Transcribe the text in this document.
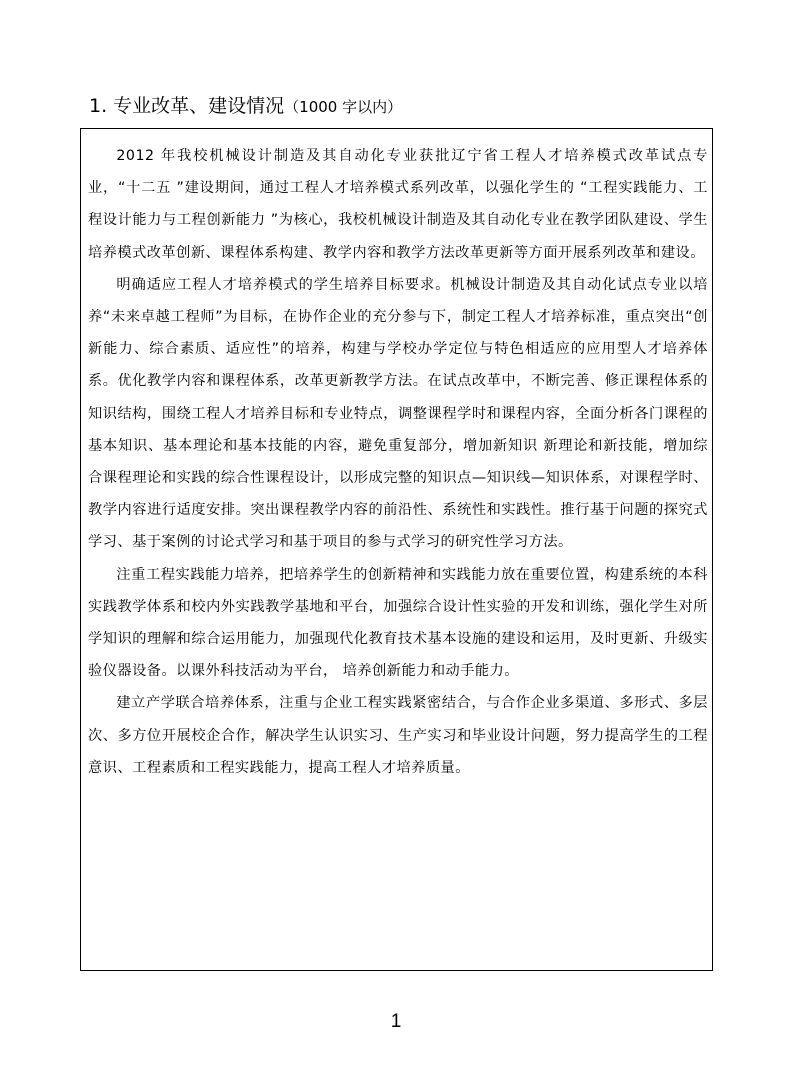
1. 专业改革、建设情况（1000 字以内）

2012 年我校机械设计制造及其自动化专业获批辽宁省工程人才培养模式改革试点专业，“十二五 ”建设期间，通过工程人才培养模式系列改革，以强化学生的 “工程实践能力、工程设计能力与工程创新能力 ”为核心，我校机械设计制造及其自动化专业在教学团队建设、学生培养模式改革创新、课程体系构建、教学内容和教学方法改革更新等方面开展系列改革和建设。

明确适应工程人才培养模式的学生培养目标要求。机械设计制造及其自动化试点专业以培养“未来卓越工程师”为目标，在协作企业的充分参与下，制定工程人才培养标准，重点突出“创新能力、综合素质、适应性”的培养，构建与学校办学定位与特色相适应的应用型人才培养体系。优化教学内容和课程体系，改革更新教学方法。在试点改革中，不断完善、修正课程体系的知识结构，围绕工程人才培养目标和专业特点，调整课程学时和课程内容，全面分析各门课程的基本知识、基本理论和基本技能的内容，避免重复部分，增加新知识 新理论和新技能，增加综合课程理论和实践的综合性课程设计，以形成完整的知识点—知识线—知识体系，对课程学时、教学内容进行适度安排。突出课程教学内容的前沿性、系统性和实践性。推行基于问题的探究式学习、基于案例的讨论式学习和基于项目的参与式学习的研究性学习方法。

注重工程实践能力培养，把培养学生的创新精神和实践能力放在重要位置，构建系统的本科实践教学体系和校内外实践教学基地和平台，加强综合设计性实验的开发和训练，强化学生对所学知识的理解和综合运用能力，加强现代化教育技术基本设施的建设和运用，及时更新、升级实验仪器设备。以课外科技活动为平台， 培养创新能力和动手能力。

建立产学联合培养体系，注重与企业工程实践紧密结合，与合作企业多渠道、多形式、多层次、多方位开展校企合作，解决学生认识实习、生产实习和毕业设计问题，努力提高学生的工程意识、工程素质和工程实践能力，提高工程人才培养质量。

1
